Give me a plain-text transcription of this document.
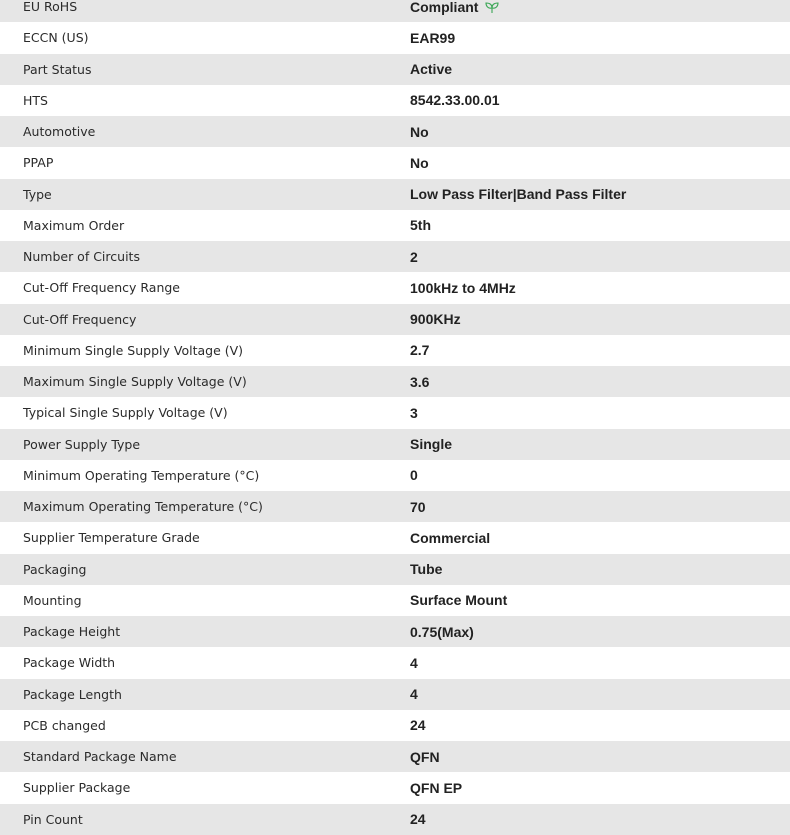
EU RoHS	Compliant
ECCN (US)	EAR99
Part Status	Active
HTS	8542.33.00.01
Automotive	No
PPAP	No
Type	Low Pass Filter|Band Pass Filter
Maximum Order	5th
Number of Circuits	2
Cut-Off Frequency Range	100kHz to 4MHz
Cut-Off Frequency	900KHz
Minimum Single Supply Voltage (V)	2.7
Maximum Single Supply Voltage (V)	3.6
Typical Single Supply Voltage (V)	3
Power Supply Type	Single
Minimum Operating Temperature (°C)	0
Maximum Operating Temperature (°C)	70
Supplier Temperature Grade	Commercial
Packaging	Tube
Mounting	Surface Mount
Package Height	0.75(Max)
Package Width	4
Package Length	4
PCB changed	24
Standard Package Name	QFN
Supplier Package	QFN EP
Pin Count	24
